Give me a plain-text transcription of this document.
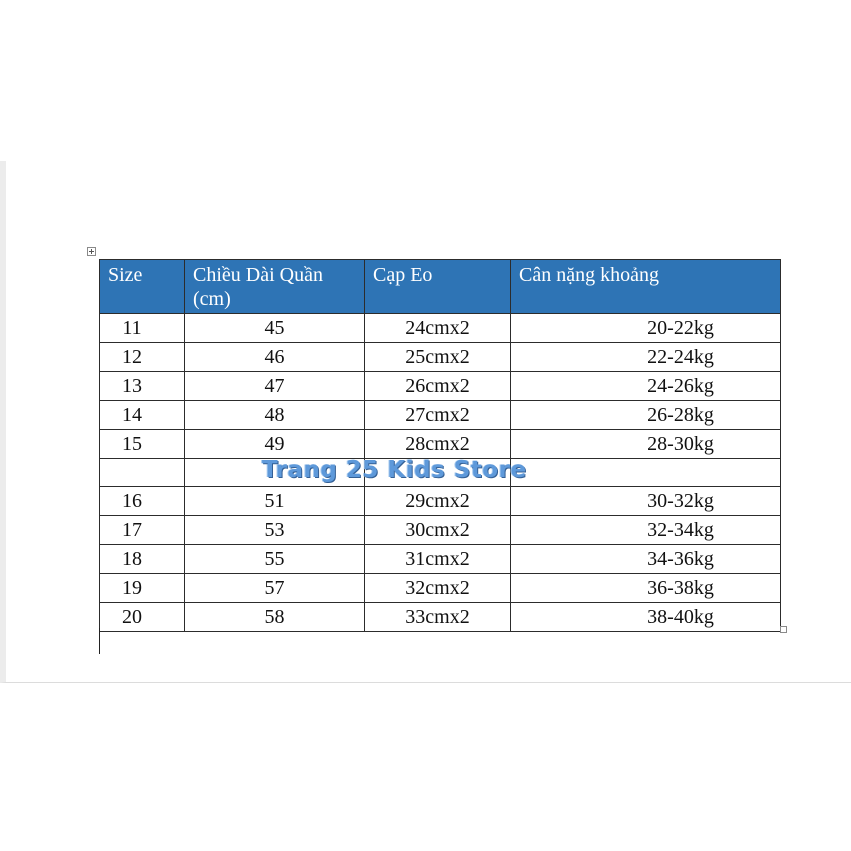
Size	Chiều Dài Quần (cm)	Cạp Eo	Cân nặng khoảng
11	45	24cmx2	20-22kg
12	46	25cmx2	22-24kg
13	47	26cmx2	24-26kg
14	48	27cmx2	26-28kg
15	49	28cmx2	28-30kg

16	51	29cmx2	30-32kg
17	53	30cmx2	32-34kg
18	55	31cmx2	34-36kg
19	57	32cmx2	36-38kg
20	58	33cmx2	38-40kg
Trang 25 Kids Store
